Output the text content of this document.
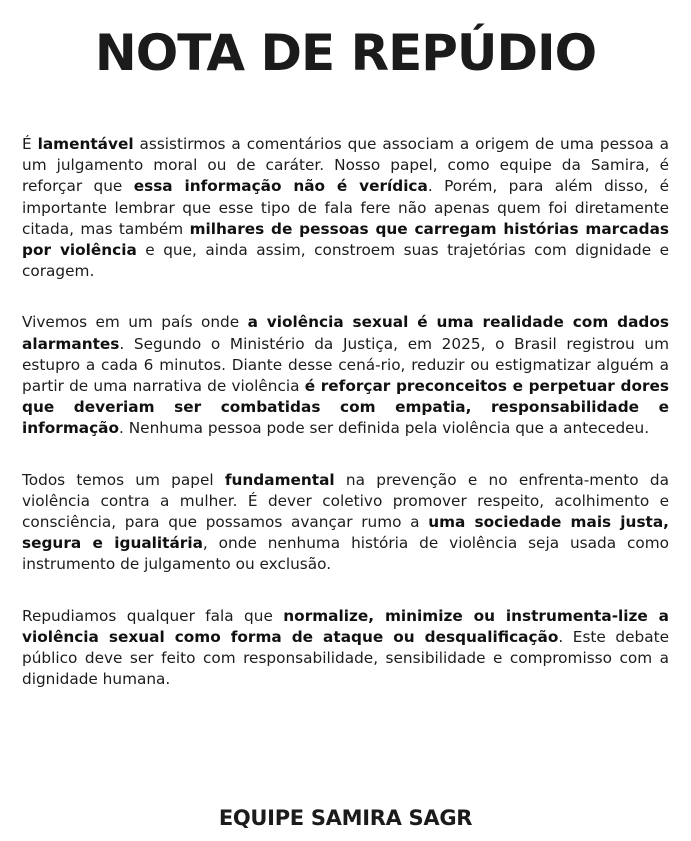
NOTA DE REPÚDIO

É lamentável assistirmos a comentários que associam a origem de uma pessoa a um julgamento moral ou de caráter. Nosso papel, como equipe da Samira, é reforçar que essa informação não é verídica. Porém, para além disso, é importante lembrar que esse tipo de fala fere não apenas quem foi diretamente citada, mas também milhares de pessoas que carregam histórias marcadas por violência e que, ainda assim, constroem suas trajetórias com dignidade e coragem.

Vivemos em um país onde a violência sexual é uma realidade com dados alarmantes. Segundo o Ministério da Justiça, em 2025, o Brasil registrou um estupro a cada 6 minutos. Diante desse cená-rio, reduzir ou estigmatizar alguém a partir de uma narrativa de violência é reforçar preconceitos e perpetuar dores que deveriam ser combatidas com empatia, responsabilidade e informação. Nenhuma pessoa pode ser definida pela violência que a antecedeu.

Todos temos um papel fundamental na prevenção e no enfrenta-mento da violência contra a mulher. É dever coletivo promover respeito, acolhimento e consciência, para que possamos avançar rumo a uma sociedade mais justa, segura e igualitária, onde nenhuma história de violência seja usada como instrumento de julgamento ou exclusão.

Repudiamos qualquer fala que normalize, minimize ou instrumenta-lize a violência sexual como forma de ataque ou desqualificação. Este debate público deve ser feito com responsabilidade, sensibilidade e compromisso com a dignidade humana.

EQUIPE SAMIRA SAGR
